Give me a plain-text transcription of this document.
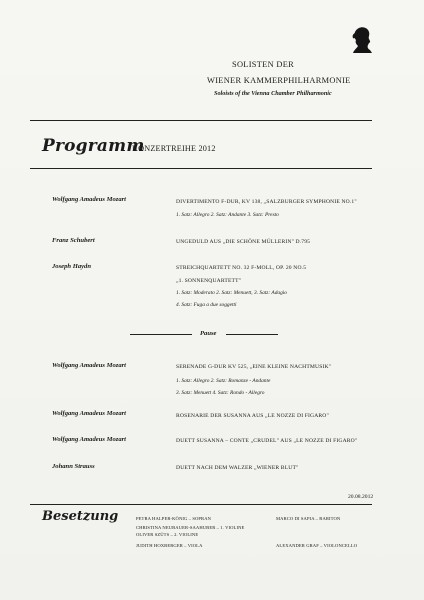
SOLISTEN DER
WIENER KAMMERPHILHARMONIE
Soloists of the Vienna Chamber Philharmonic
Programm
KONZERTREIHE 2012
Wolfgang Amadeus Mozart	DIVERTIMENTO F-DUR, KV 138, „SALZBURGER SYMPHONIE NO.1"
1. Satz: Allegro 2. Satz: Andante 3. Satz: Presto
Franz Schubert	UNGEDULD AUS „DIE SCHÖNE MÜLLERIN" D.795
Joseph Haydn	STREICHQUARTETT NO. 32 F-MOLL, OP. 20 NO.5
„1. SONNENQUARTETT"
1. Satz: Moderato 2. Satz: Menuett, 3. Satz: Adagio
4. Satz: Fuga a due soggetti
Pause
Wolfgang Amadeus Mozart	SERENADE G-DUR KV 525, „EINE KLEINE NACHTMUSIK"
1. Satz: Allegro 2. Satz: Romanze - Andante
3. Satz: Menuett 4. Satz: Rondo - Allegro
Wolfgang Amadeus Mozart	ROSENARIE DER SUSANNA AUS „LE NOZZE DI FIGARO"
Wolfgang Amadeus Mozart	DUETT SUSANNA – CONTE „CRUDEL" AUS „LE NOZZE DI FIGARO"
Johann Strauss	DUETT NACH DEM WALZER „WIENER BLUT"
20.08.2012
Besetzung	PETRA HALPER-KÖNIG – SOPRAN	MARCO DI SAPIA – BARITON
CHRISTINA NEUBAUER-SAAHUBER – 1. VIOLINE
OLIVER SZÜTS – 2. VIOLINE
JUDITH HOXBERGER – VIOLA	ALEXANDER GRAF – VIOLONCELLO
